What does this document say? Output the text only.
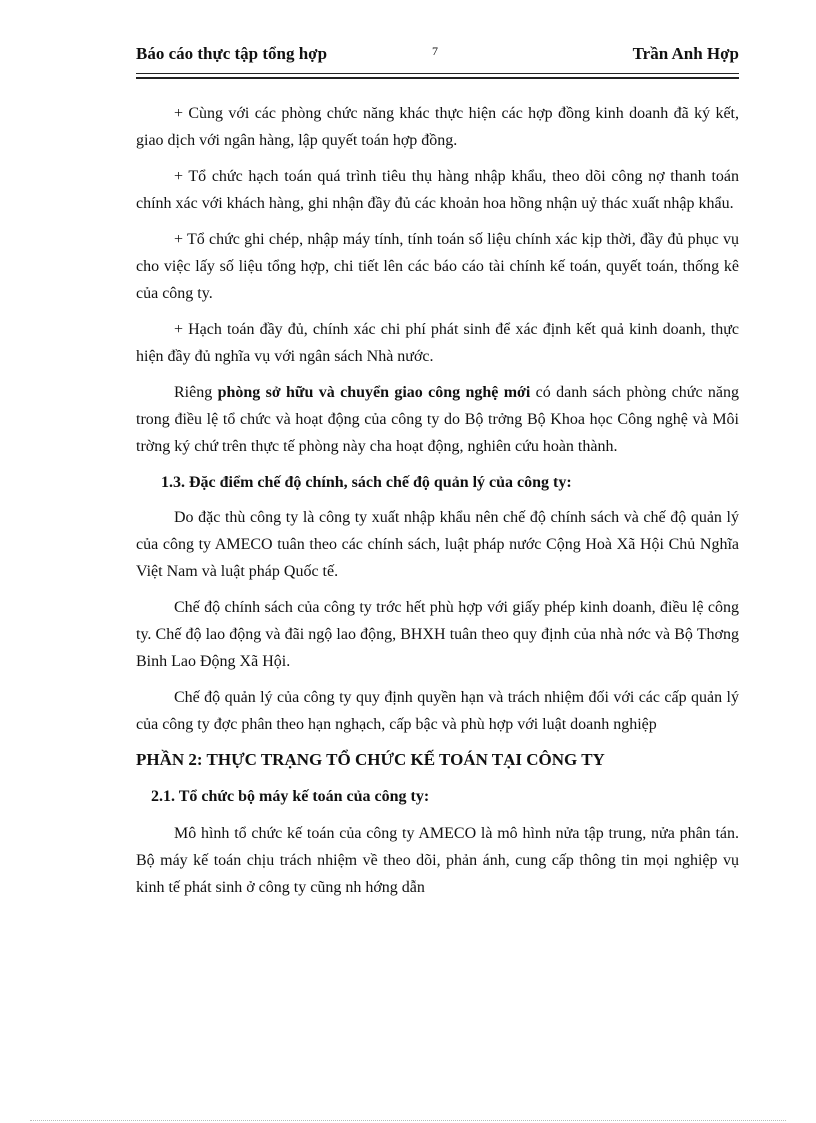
Báo cáo thực tập tổng hợp	7	Trần Anh Hợp

+ Cùng với các phòng chức năng khác thực hiện các hợp đồng kinh doanh đã ký kết, giao dịch với ngân hàng, lập quyết toán hợp đồng.

+ Tổ chức hạch toán quá trình tiêu thụ hàng nhập khẩu, theo dõi công nợ thanh toán chính xác với khách hàng, ghi nhận đầy đủ các khoản hoa hồng nhận uỷ thác xuất nhập khẩu.

+ Tổ chức ghi chép, nhập máy tính, tính toán số liệu chính xác kịp thời, đầy đủ phục vụ cho việc lấy số liệu tổng hợp, chi tiết lên các báo cáo tài chính kế toán, quyết toán, thống kê của công ty.

+ Hạch toán đầy đủ, chính xác chi phí phát sinh để xác định kết quả kinh doanh, thực hiện đầy đủ nghĩa vụ với ngân sách Nhà nước.

Riêng phòng sở hữu và chuyển giao công nghệ mới có danh sách phòng chức năng trong điều lệ tổ chức và hoạt động của công ty do Bộ trởng Bộ Khoa học Công nghệ và Môi trờng ký chứ trên thực tế phòng này cha hoạt động, nghiên cứu hoàn thành.

1.3. Đặc điểm chế độ chính, sách chế độ quản lý của công ty:

Do đặc thù công ty là công ty xuất nhập khẩu nên chế độ chính sách và chế độ quản lý của công ty AMECO tuân theo các chính sách, luật pháp nước Cộng Hoà Xã Hội Chủ Nghĩa Việt Nam và luật pháp Quốc tế.

Chế độ chính sách của công ty trớc hết phù hợp với giấy phép kinh doanh, điều lệ công ty. Chế độ lao động và đãi ngộ lao động, BHXH tuân theo quy định của nhà nớc và Bộ Thơng Binh Lao Động Xã Hội.

Chế độ quản lý của công ty quy định quyền hạn và trách nhiệm đối với các cấp quản lý của công ty đợc phân theo hạn nghạch, cấp bậc và phù hợp với luật doanh nghiệp

PHẦN 2: THỰC TRẠNG TỔ CHỨC KẾ TOÁN TẠI CÔNG TY

2.1. Tổ chức bộ máy kế toán của công ty:

Mô hình tổ chức kế toán của công ty AMECO là mô hình nửa tập trung, nửa phân tán. Bộ máy kế toán chịu trách nhiệm về theo dõi, phản ánh, cung cấp thông tin mọi nghiệp vụ kinh tế phát sinh ở công ty cũng nh hớng dẫn
